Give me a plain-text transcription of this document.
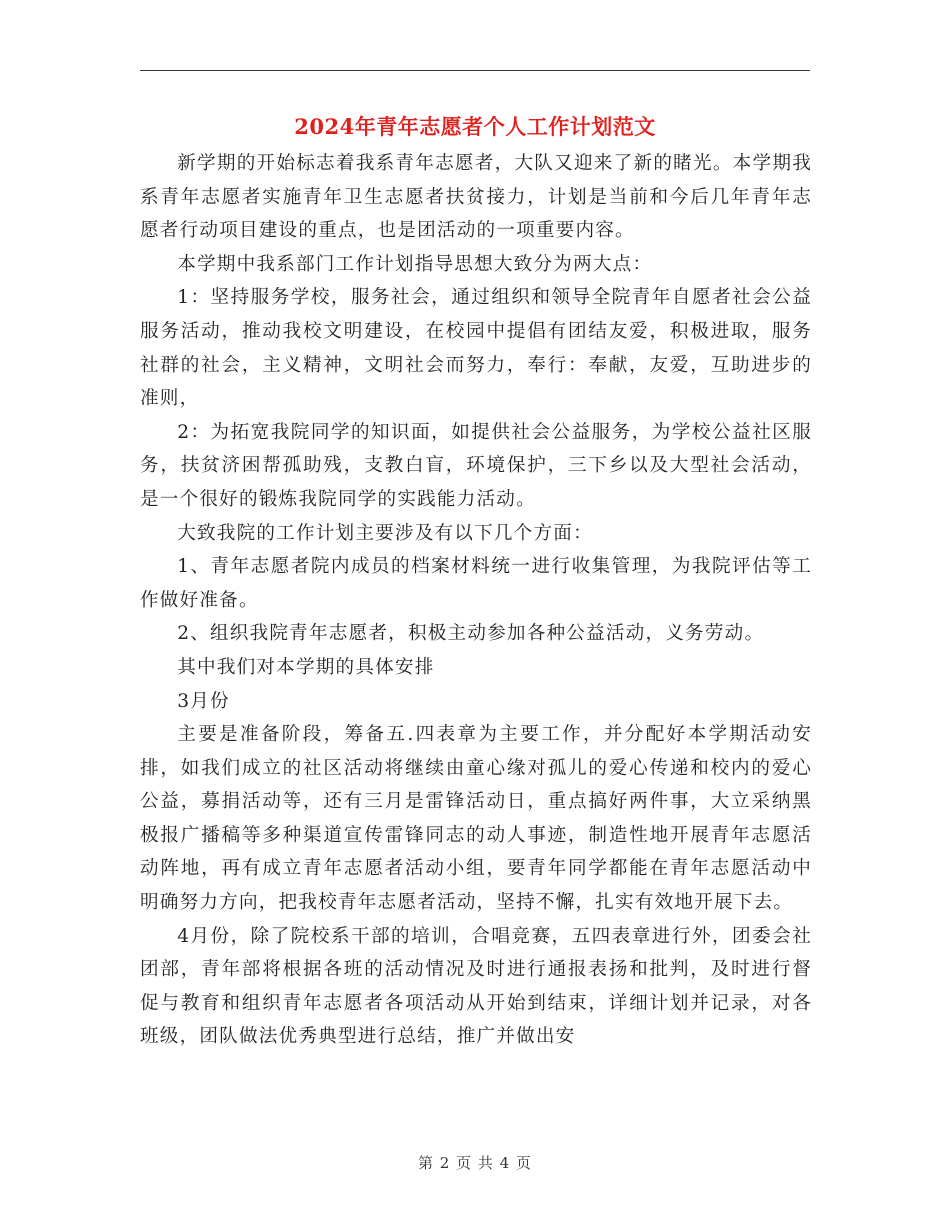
2024年青年志愿者个人工作计划范文

新学期的开始标志着我系青年志愿者，大队又迎来了新的睹光。本学期我系青年志愿者实施青年卫生志愿者扶贫接力，计划是当前和今后几年青年志愿者行动项目建设的重点，也是团活动的一项重要内容。

本学期中我系部门工作计划指导思想大致分为两大点：

1：坚持服务学校，服务社会，通过组织和领导全院青年自愿者社会公益服务活动，推动我校文明建设，在校园中提倡有团结友爱，积极进取，服务社群的社会，主义精神，文明社会而努力，奉行：奉献，友爱，互助进步的准则，

2：为拓宽我院同学的知识面，如提供社会公益服务，为学校公益社区服务，扶贫济困帮孤助残，支教白盲，环境保护，三下乡以及大型社会活动，是一个很好的锻炼我院同学的实践能力活动。

大致我院的工作计划主要涉及有以下几个方面：

1、青年志愿者院内成员的档案材料统一进行收集管理，为我院评估等工作做好准备。

2、组织我院青年志愿者，积极主动参加各种公益活动，义务劳动。

其中我们对本学期的具体安排

3月份

主要是准备阶段，筹备五.四表章为主要工作，并分配好本学期活动安排，如我们成立的社区活动将继续由童心缘对孤儿的爱心传递和校内的爱心公益，募捐活动等，还有三月是雷锋活动日，重点搞好两件事，大立采纳黑极报广播稿等多种渠道宣传雷锋同志的动人事迹，制造性地开展青年志愿活动阵地，再有成立青年志愿者活动小组，要青年同学都能在青年志愿活动中明确努力方向，把我校青年志愿者活动，坚持不懈，扎实有效地开展下去。

4月份，除了院校系干部的培训，合唱竞赛，五四表章进行外，团委会社团部，青年部将根据各班的活动情况及时进行通报表扬和批判，及时进行督促与教育和组织青年志愿者各项活动从开始到结束，详细计划并记录，对各班级，团队做法优秀典型进行总结，推广并做出安

第 2 页 共 4 页
